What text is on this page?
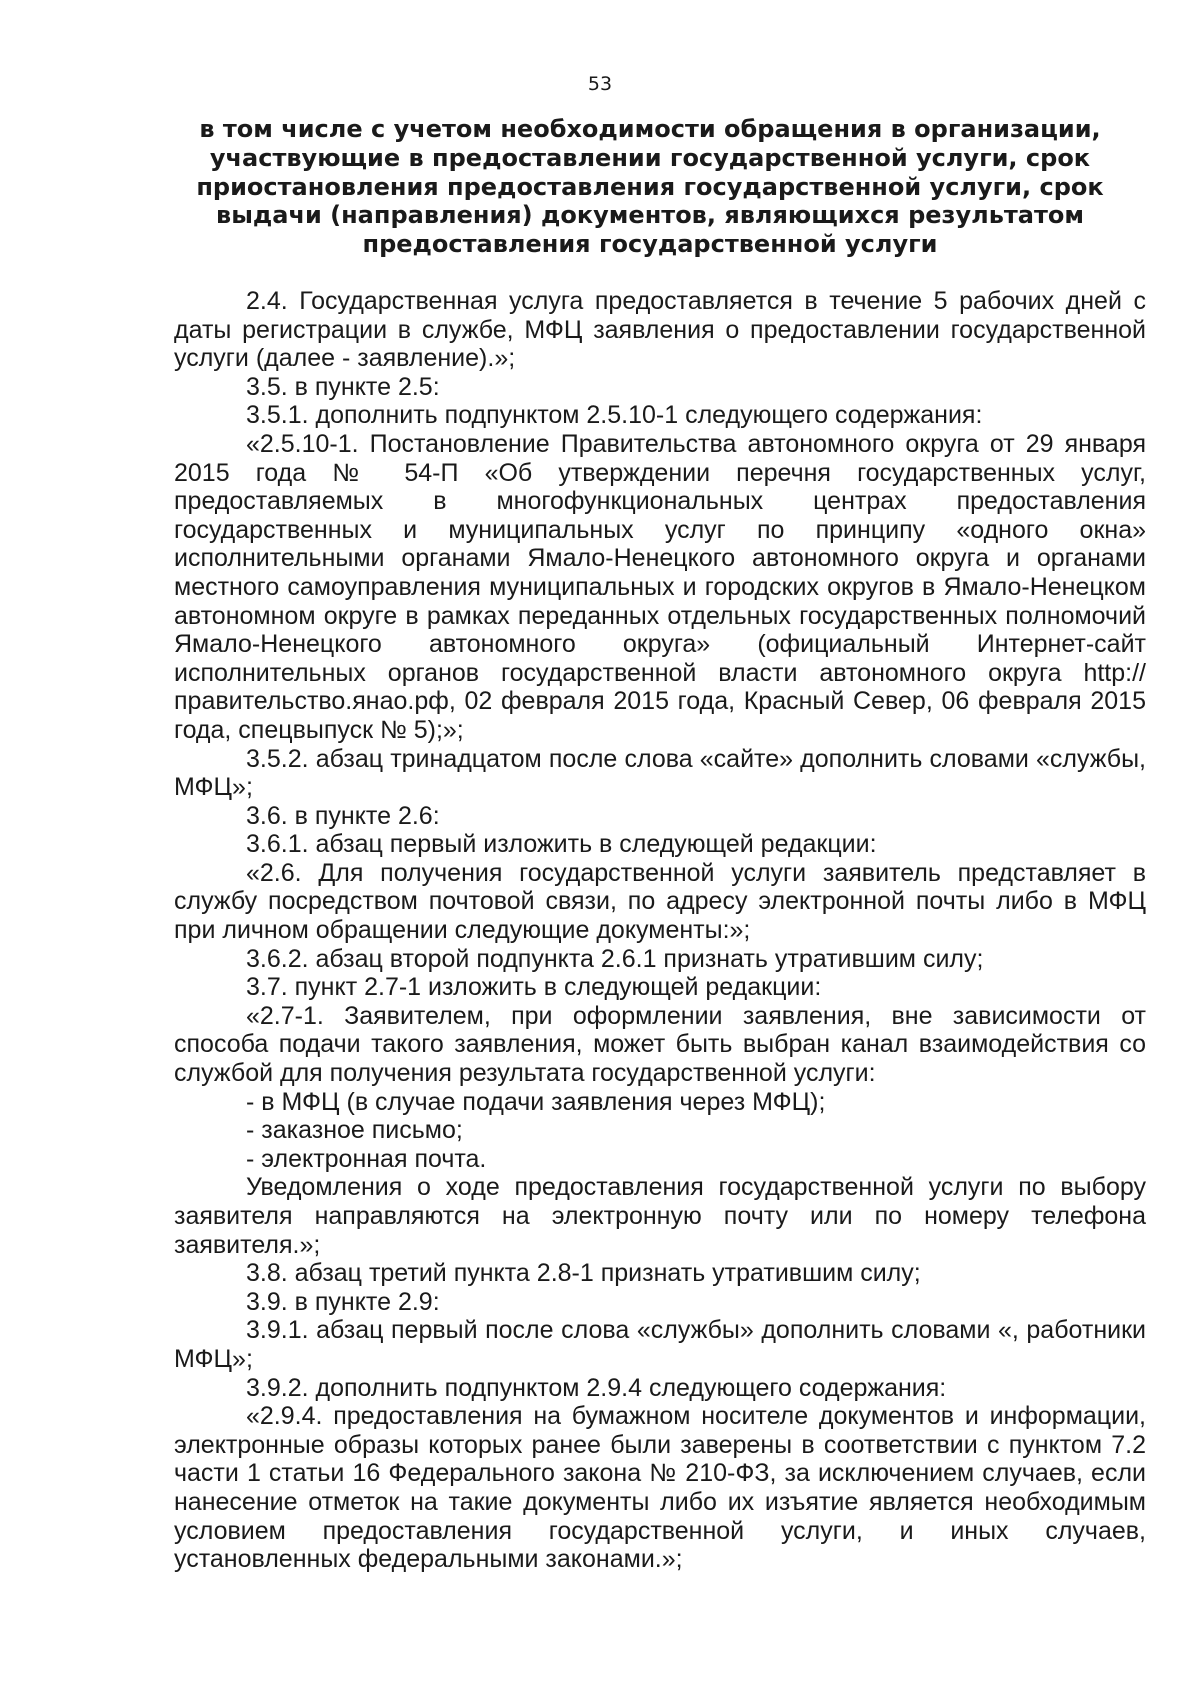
53
в том числе с учетом необходимости обращения в организации, участвующие в предоставлении государственной услуги, срок приостановления предоставления государственной услуги, срок выдачи (направления) документов, являющихся результатом предоставления государственной услуги

2.4. Государственная услуга предоставляется в течение 5 рабочих дней с даты регистрации в службе, МФЦ заявления о предоставлении государственной услуги (далее - заявление).»;

3.5. в пункте 2.5:

3.5.1. дополнить подпунктом 2.5.10-1 следующего содержания:

«2.5.10-1. Постановление Правительства автономного округа от 29 января 2015 года № 54-П «Об утверждении перечня государственных услуг, предоставляемых в многофункциональных центрах предоставления государственных и муниципальных услуг по принципу «одного окна» исполнительными органами Ямало-Ненецкого автономного округа и органами местного самоуправления муниципальных и городских округов в Ямало-Ненецком автономном округе в рамках переданных отдельных государственных полномочий Ямало-Ненецкого автономного округа» (официальный Интернет-сайт исполнительных органов государственной власти автономного округа http://правительство.янао.рф, 02 февраля 2015 года, Красный Север, 06 февраля 2015 года, спецвыпуск № 5);»;

3.5.2. абзац тринадцатом после слова «сайте» дополнить словами «службы, МФЦ»;

3.6. в пункте 2.6:

3.6.1. абзац первый изложить в следующей редакции:

«2.6. Для получения государственной услуги заявитель представляет в службу посредством почтовой связи, по адресу электронной почты либо в МФЦ при личном обращении следующие документы:»;

3.6.2. абзац второй подпункта 2.6.1 признать утратившим силу;

3.7. пункт 2.7-1 изложить в следующей редакции:

«2.7-1. Заявителем, при оформлении заявления, вне зависимости от способа подачи такого заявления, может быть выбран канал взаимодействия со службой для получения результата государственной услуги:

- в МФЦ (в случае подачи заявления через МФЦ);

- заказное письмо;

- электронная почта.

Уведомления о ходе предоставления государственной услуги по выбору заявителя направляются на электронную почту или по номеру телефона заявителя.»;

3.8. абзац третий пункта 2.8-1 признать утратившим силу;

3.9. в пункте 2.9:

3.9.1. абзац первый после слова «службы» дополнить словами «, работники МФЦ»;

3.9.2. дополнить подпунктом 2.9.4 следующего содержания:

«2.9.4. предоставления на бумажном носителе документов и информации, электронные образы которых ранее были заверены в соответствии с пунктом 7.2 части 1 статьи 16 Федерального закона № 210-ФЗ, за исключением случаев, если нанесение отметок на такие документы либо их изъятие является необходимым условием предоставления государственной услуги, и иных случаев, установленных федеральными законами.»;
